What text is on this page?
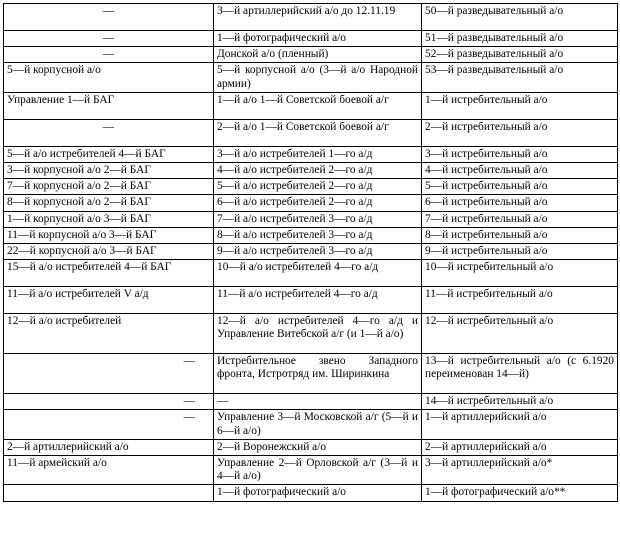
—	3—й артиллерийский а/о до 12.11.19	50—й разведывательный а/о
—	1—й фотографический а/о	51—й разведывательный а/о
—	Донской а/о (пленный)	52—й разведывательный а/о
5—й корпусной а/о	5—й корпусной а/о (3—й а/о Народной армии)	53—й разведывательный а/о
Управление 1—й БАГ	1—й а/о 1—й Советской боевой а/г	1—й истребительный а/о
—	2—й а/о 1—й Советской боевой а/г	2—й истребительный а/о
5—й а/о истребителей 4—й БАГ	3—й а/о истребителей 1—го а/д	3—й истребительный а/о
3—й корпусной а/о 2—й БАГ	4—й а/о истребителей 2—го а/д	4—й истребительный а/о
7—й корпусной а/о 2—й БАГ	5—й а/о истребителей 2—го а/д	5—й истребительный а/о
8—й корпусной а/о 2—й БАГ	6—й а/о истребителей 2—го а/д	6—й истребительный а/о
1—й корпусной а/о 3—й БАГ	7—й а/о истребителей 3—го а/д	7—й истребительный а/о
11—й корпусной а/о 3—й БАГ	8—й а/о истребителей 3—го а/д	8—й истребительный а/о
22—й корпусной а/о 3—й БАГ	9—й а/о истребителей 3—го а/д	9—й истребительный а/о
15—й а/о истребителей 4—й БАГ	10—й а/о истребителей 4—го а/д	10—й истребительный а/о
11—й а/о истребителей V а/д	11—й а/о истребителей 4—го а/д	11—й истребительный а/о
12—й а/о истребителей	12—й а/о истребителей 4—го а/д и Управление Витебской а/г (и 1—й а/о)	12—й истребительный а/о
—	Истребительное звено Западного фронта, Истротряд им. Ширинкина	13—й истребительный а/о (с 6.1920 переименован 14—й)
—	—	14—й истребительный а/о
—	Управление 3—й Московской а/г (5—й и 6—й а/о)	1—й артиллерийский а/о
2—й артиллерийский а/о	2—й Воронежский а/о	2—й артиллерийский а/о
11—й армейский а/о	Управление 2—й Орловской а/г (3—й и 4—й а/о)	3—й артиллерийский а/о*
	1—й фотографический а/о	1—й фотографический а/о**
